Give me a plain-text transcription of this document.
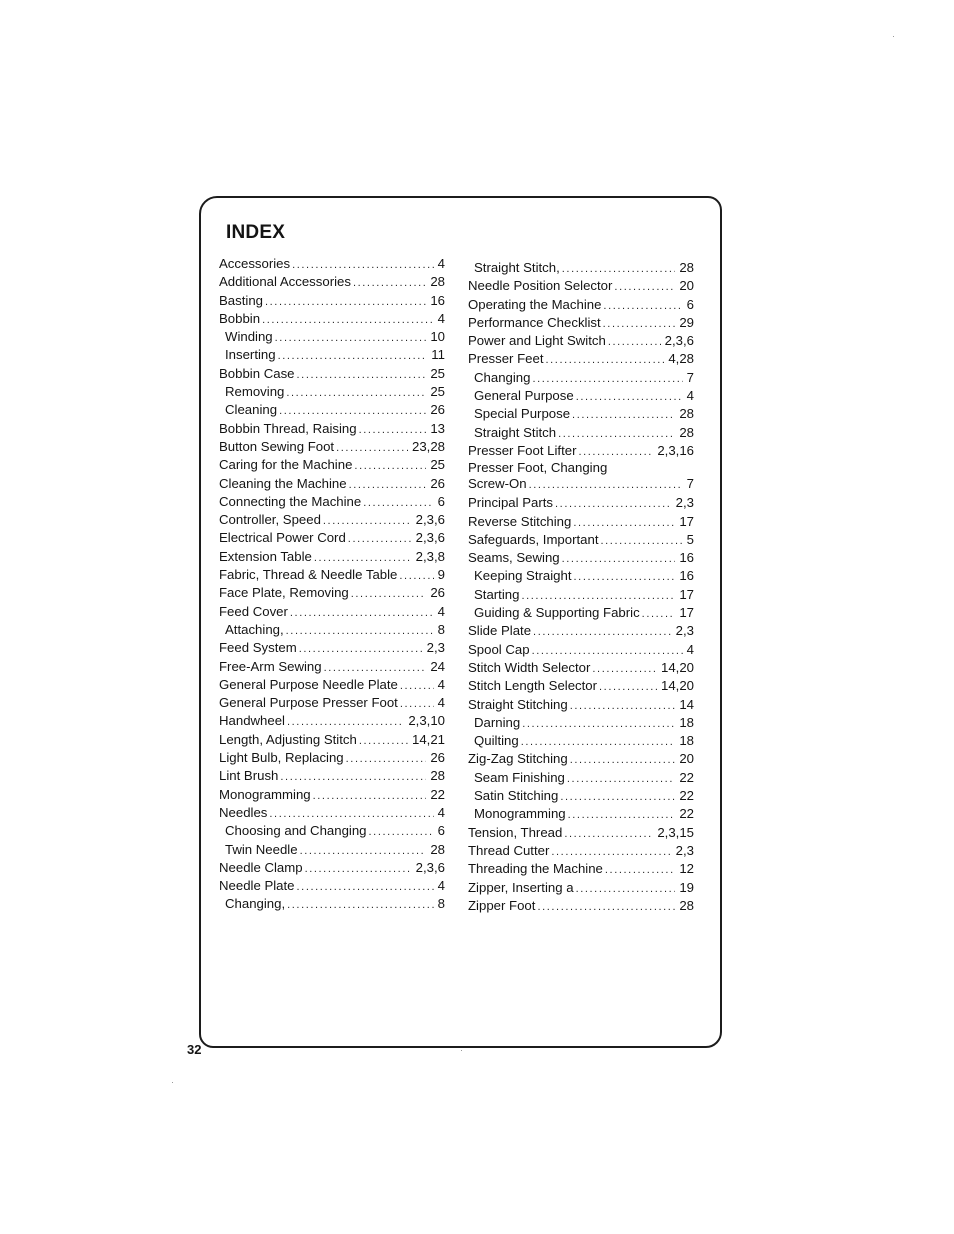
INDEX
Accessories .....	4
Additional Accessories .....	28
Basting .....	16
Bobbin .....	4
Winding .....	10
Inserting .....	11
Bobbin Case .....	25
Removing .....	25
Cleaning .....	26
Bobbin Thread, Raising .....	13
Button Sewing Foot .....	23,28
Caring for the Machine .....	25
Cleaning the Machine .....	26
Connecting the Machine .....	6
Controller, Speed .....	2,3,6
Electrical Power Cord .....	2,3,6
Extension Table .....	2,3,8
Fabric, Thread & Needle Table .....	9
Face Plate, Removing .....	26
Feed Cover .....	4
Attaching, .....	8
Feed System .....	2,3
Free-Arm Sewing .....	24
General Purpose Needle Plate .....	4
General Purpose Presser Foot .....	4
Handwheel .....	2,3,10
Length, Adjusting Stitch .....	14,21
Light Bulb, Replacing .....	26
Lint Brush .....	28
Monogramming .....	22
Needles .....	4
Choosing and Changing .....	6
Twin Needle .....	28
Needle Clamp .....	2,3,6
Needle Plate .....	4
Changing, .....	8
Straight Stitch, .....	28
Needle Position Selector .....	20
Operating the Machine .....	6
Performance Checklist .....	29
Power and Light Switch .....	2,3,6
Presser Feet .....	4,28
Changing .....	7
General Purpose .....	4
Special Purpose .....	28
Straight Stitch .....	28
Presser Foot Lifter .....	2,3,16
Presser Foot, Changing
Screw-On .....	7
Principal Parts .....	2,3
Reverse Stitching .....	17
Safeguards, Important .....	5
Seams, Sewing .....	16
Keeping Straight .....	16
Starting .....	17
Guiding & Supporting Fabric .....	17
Slide Plate .....	2,3
Spool Cap .....	4
Stitch Width Selector .....	14,20
Stitch Length Selector .....	14,20
Straight Stitching .....	14
Darning .....	18
Quilting .....	18
Zig-Zag Stitching .....	20
Seam Finishing .....	22
Satin Stitching .....	22
Monogramming .....	22
Tension, Thread .....	2,3,15
Thread Cutter .....	2,3
Threading the Machine .....	12
Zipper, Inserting a .....	19
Zipper Foot .....	28
32
